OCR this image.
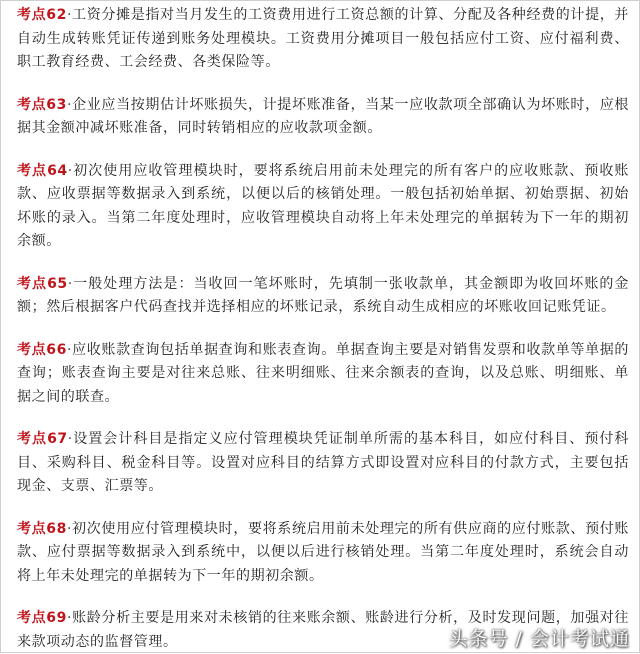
考点62·工资分摊是指对当月发生的工资费用进行工资总额的计算、分配及各种经费的计提，并自动生成转账凭证传递到账务处理模块。工资费用分摊项目一般包括应付工资、应付福利费、职工教育经费、工会经费、各类保险等。

考点63·企业应当按期估计坏账损失，计提坏账准备，当某一应收款项全部确认为坏账时，应根据其金额冲减坏账准备，同时转销相应的应收款项金额。

考点64·初次使用应收管理模块时，要将系统启用前未处理完的所有客户的应收账款、预收账款、应收票据等数据录入到系统，以便以后的核销处理。一般包括初始单据、初始票据、初始坏账的录入。当第二年度处理时，应收管理模块自动将上年未处理完的单据转为下一年的期初余额。

考点65·一般处理方法是：当收回一笔坏账时，先填制一张收款单，其金额即为收回坏账的金额；然后根据客户代码查找并选择相应的坏账记录，系统自动生成相应的坏账收回记账凭证。

考点66·应收账款查询包括单据查询和账表查询。单据查询主要是对销售发票和收款单等单据的查询；账表查询主要是对往来总账、往来明细账、往来余额表的查询，以及总账、明细账、单据之间的联查。

考点67·设置会计科目是指定义应付管理模块凭证制单所需的基本科目，如应付科目、预付科目、采购科目、税金科目等。设置对应科目的结算方式即设置对应科目的付款方式，主要包括现金、支票、汇票等。

考点68·初次使用应付管理模块时，要将系统启用前未处理完的所有供应商的应付账款、预付账款、应付票据等数据录入到系统中，以便以后进行核销处理。当第二年度处理时，系统会自动将上年未处理完的单据转为下一年的期初余额。

考点69·账龄分析主要是用来对未核销的往来账余额、账龄进行分析，及时发现问题，加强对往来款项动态的监督管理。	头条号 / 会计考试通
